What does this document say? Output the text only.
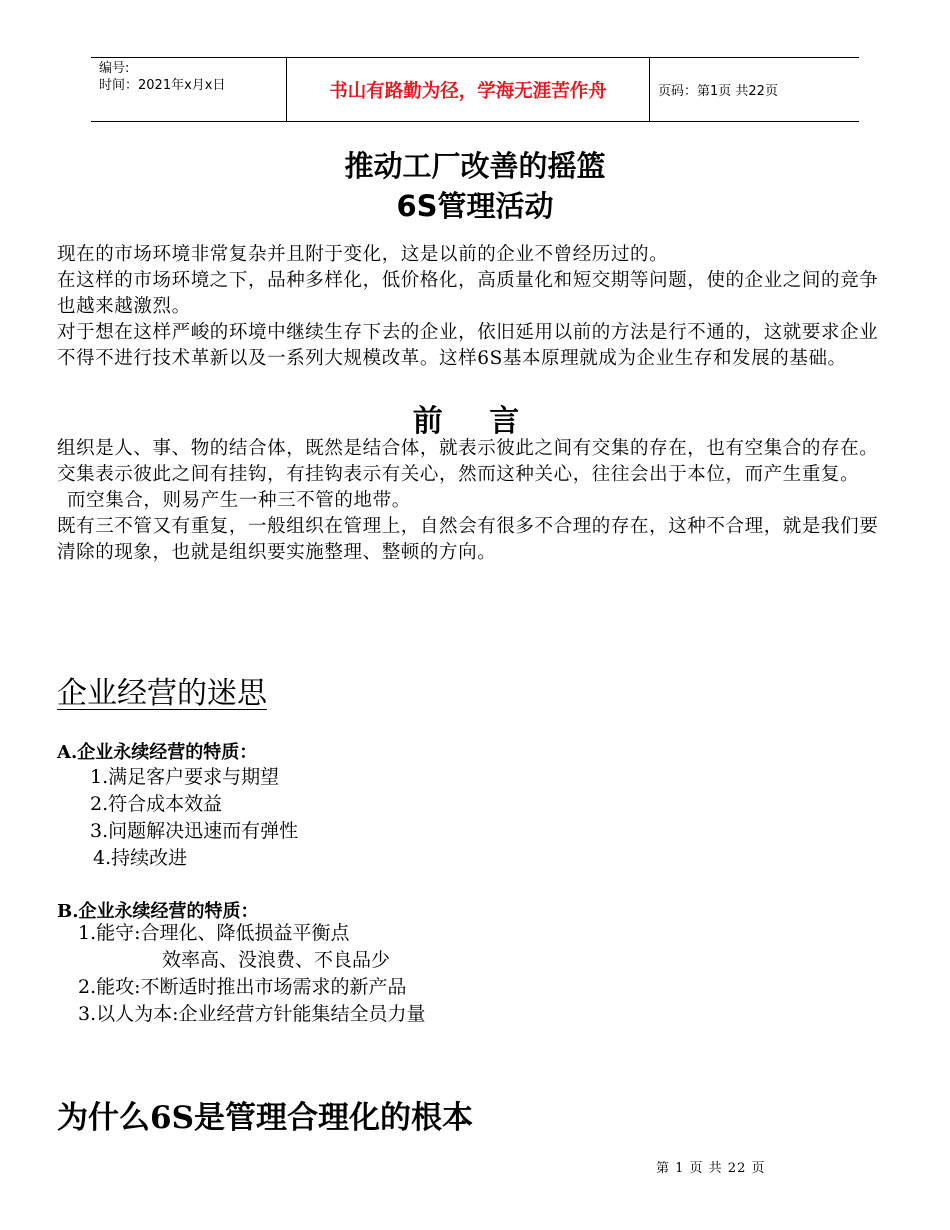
编号:
时间：2021年x月x日	书山有路勤为径，学海无涯苦作舟	页码：第1页 共22页
推动工厂改善的摇篮
6S管理活动

现在的市场环境非常复杂并且附于变化，这是以前的企业不曾经历过的。

在这样的市场环境之下，品种多样化，低价格化，高质量化和短交期等问题，使的企业之间的竞争也越来越激烈。

对于想在这样严峻的环境中继续生存下去的企业，依旧延用以前的方法是行不通的，这就要求企业不得不进行技术革新以及一系列大规模改革。这样6S基本原理就成为企业生存和发展的基础。

前 言

组织是人、事、物的结合体，既然是结合体，就表示彼此之间有交集的存在，也有空集合的存在。

交集表示彼此之间有挂钩，有挂钩表示有关心，然而这种关心，往往会出于本位，而产生重复。

而空集合，则易产生一种三不管的地带。

既有三不管又有重复，一般组织在管理上，自然会有很多不合理的存在，这种不合理，就是我们要清除的现象，也就是组织要实施整理、整顿的方向。

企业经营的迷思
A.企业永续经营的特质：
1.满足客户要求与期望
2.符合成本效益
3.问题解决迅速而有弹性
4.持续改进
B.企业永续经营的特质：
1.能守:合理化、降低损益平衡点
效率高、没浪费、不良品少
2.能攻:不断适时推出市场需求的新产品
3.以人为本:企业经营方针能集结全员力量
为什么6S是管理合理化的根本
第 1 页 共 22 页
